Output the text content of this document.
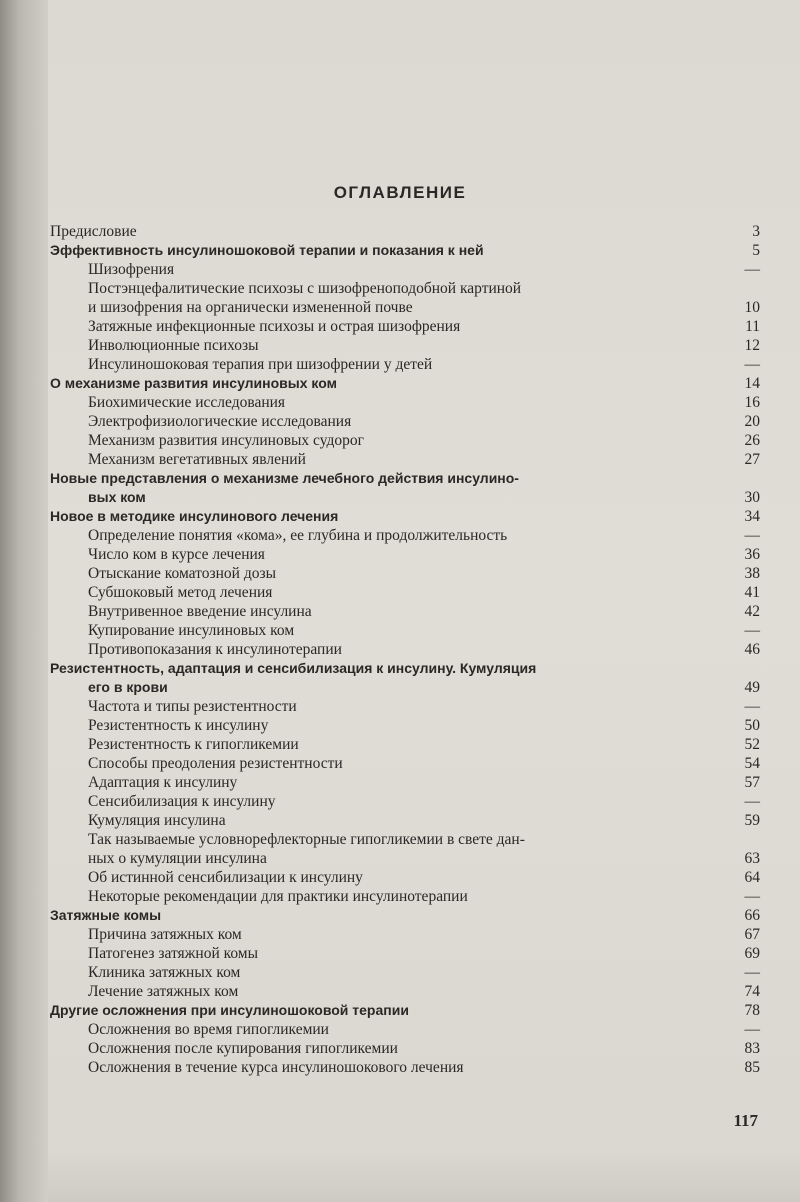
ОГЛАВЛЕНИЕ
Предисловие	3
Эффективность инсулиношоковой терапии и показания к ней	5
Шизофрения	—
Постэнцефалитические психозы с шизофреноподобной картиной
и шизофрения на органически измененной почве	10
Затяжные инфекционные психозы и острая шизофрения	11
Инволюционные психозы	12
Инсулиношоковая терапия при шизофрении у детей	—
О механизме развития инсулиновых ком	14
Биохимические исследования	16
Электрофизиологические исследования	20
Механизм развития инсулиновых судорог	26
Механизм вегетативных явлений	27
Новые представления о механизме лечебного действия инсулино-
вых ком	30
Новое в методике инсулинового лечения	34
Определение понятия «кома», ее глубина и продолжительность	—
Число ком в курсе лечения	36
Отыскание коматозной дозы	38
Субшоковый метод лечения	41
Внутривенное введение инсулина	42
Купирование инсулиновых ком	—
Противопоказания к инсулинотерапии	46
Резистентность, адаптация и сенсибилизация к инсулину. Кумуляция
его в крови	49
Частота и типы резистентности	—
Резистентность к инсулину	50
Резистентность к гипогликемии	52
Способы преодоления резистентности	54
Адаптация к инсулину	57
Сенсибилизация к инсулину	—
Кумуляция инсулина	59
Так называемые условнорефлекторные гипогликемии в свете дан-
ных о кумуляции инсулина	63
Об истинной сенсибилизации к инсулину	64
Некоторые рекомендации для практики инсулинотерапии	—
Затяжные комы	66
Причина затяжных ком	67
Патогенез затяжной комы	69
Клиника затяжных ком	—
Лечение затяжных ком	74
Другие осложнения при инсулиношоковой терапии	78
Осложнения во время гипогликемии	—
Осложнения после купирования гипогликемии	83
Осложнения в течение курса инсулиношокового лечения	85
117
